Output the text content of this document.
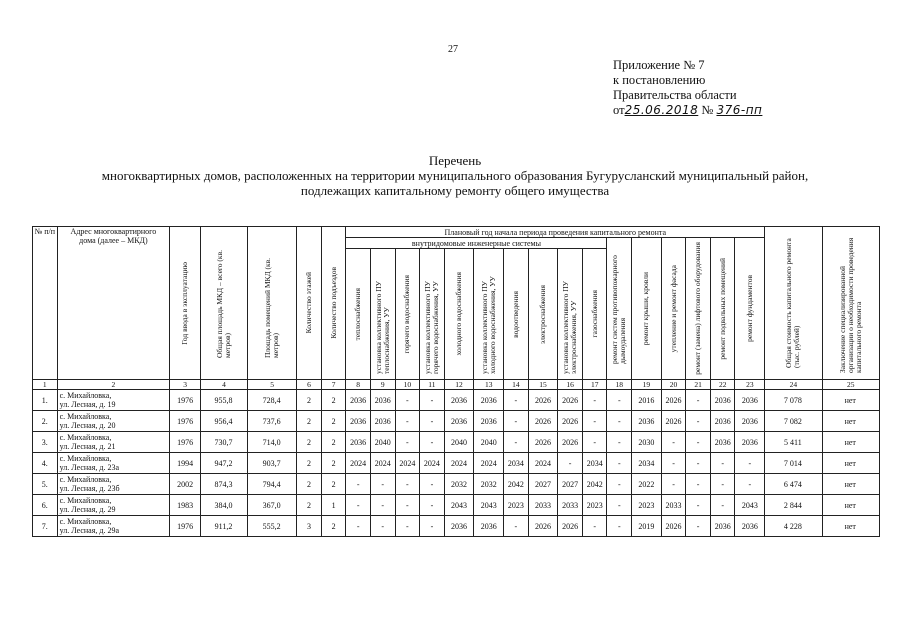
27
Приложение № 7
к постановлению
Правительства области
от25.06.2018 № 376-пп
Перечень
многоквартирных домов, расположенных на территории муниципального образования Бугурусланский муниципальный район,
подлежащих капитальному ремонту общего имущества
№ п/п	Адрес многоквартирного дома (далее – МКД)	Год ввода в эксплуатацию	Общая площадь МКД – всего (кв. метров)	Площадь помещений МКД (кв. метров)	Количество этажей	Количество подъездов	Плановый год начала периода проведения капитального ремонта																Общая стоимость капитального ремонта (тыс. рублей)	Заключение специализированной организации о необходимости проведения капитального ремонта

							внутридомовые инженерные системы										ремонт систем противопожарного дымоудаления	ремонт крыши, кровли	утепление и ремонт фасада	ремонт (замена) лифтового оборудования	ремонт подвальных помещений	ремонт фундаментов		

							теплоснабжения	установка коллективного ПУ теплоснабжения, УУ	горячего водоснабжения	установка коллективного ПУ горячего водоснабжения, УУ	холодного водоснабжения	установка коллективного ПУ холодного водоснабжения, УУ	водоотведения	электроснабжения	установка коллективного ПУ электроснабжения, УУ	газоснабжения								

1	2	3	4	5	6	7	8	9	10	11	12	13	14	15	16	17	18	19	20	21	22	23	24	25
1.	с. Михайловка,
ул. Лесная, д. 19	1976	955,8	728,4	2	2	2036	2036	-	-	2036	2036	-	2026	2026	-	-	2016	2026	-	2036	2036	7 078	нет
2.	с. Михайловка,
ул. Лесная, д. 20	1976	956,4	737,6	2	2	2036	2036	-	-	2036	2036	-	2026	2026	-	-	2036	2026	-	2036	2036	7 082	нет
3.	с. Михайловка,
ул. Лесная, д. 21	1976	730,7	714,0	2	2	2036	2040	-	-	2040	2040	-	2026	2026	-	-	2030	-	-	2036	2036	5 411	нет
4.	с. Михайловка,
ул. Лесная, д. 23а	1994	947,2	903,7	2	2	2024	2024	2024	2024	2024	2024	2034	2024	-	2034	-	2034	-	-	-	-	7 014	нет
5.	с. Михайловка,
ул. Лесная, д. 23б	2002	874,3	794,4	2	2	-	-	-	-	2032	2032	2042	2027	2027	2042	-	2022	-	-	-	-	6 474	нет
6.	с. Михайловка,
ул. Лесная, д. 29	1983	384,0	367,0	2	1	-	-	-	-	2043	2043	2023	2033	2033	2023	-	2023	2033	-	-	2043	2 844	нет
7.	с. Михайловка,
ул. Лесная, д. 29а	1976	911,2	555,2	3	2	-	-	-	-	2036	2036	-	2026	2026	-	-	2019	2026	-	2036	2036	4 228	нет
